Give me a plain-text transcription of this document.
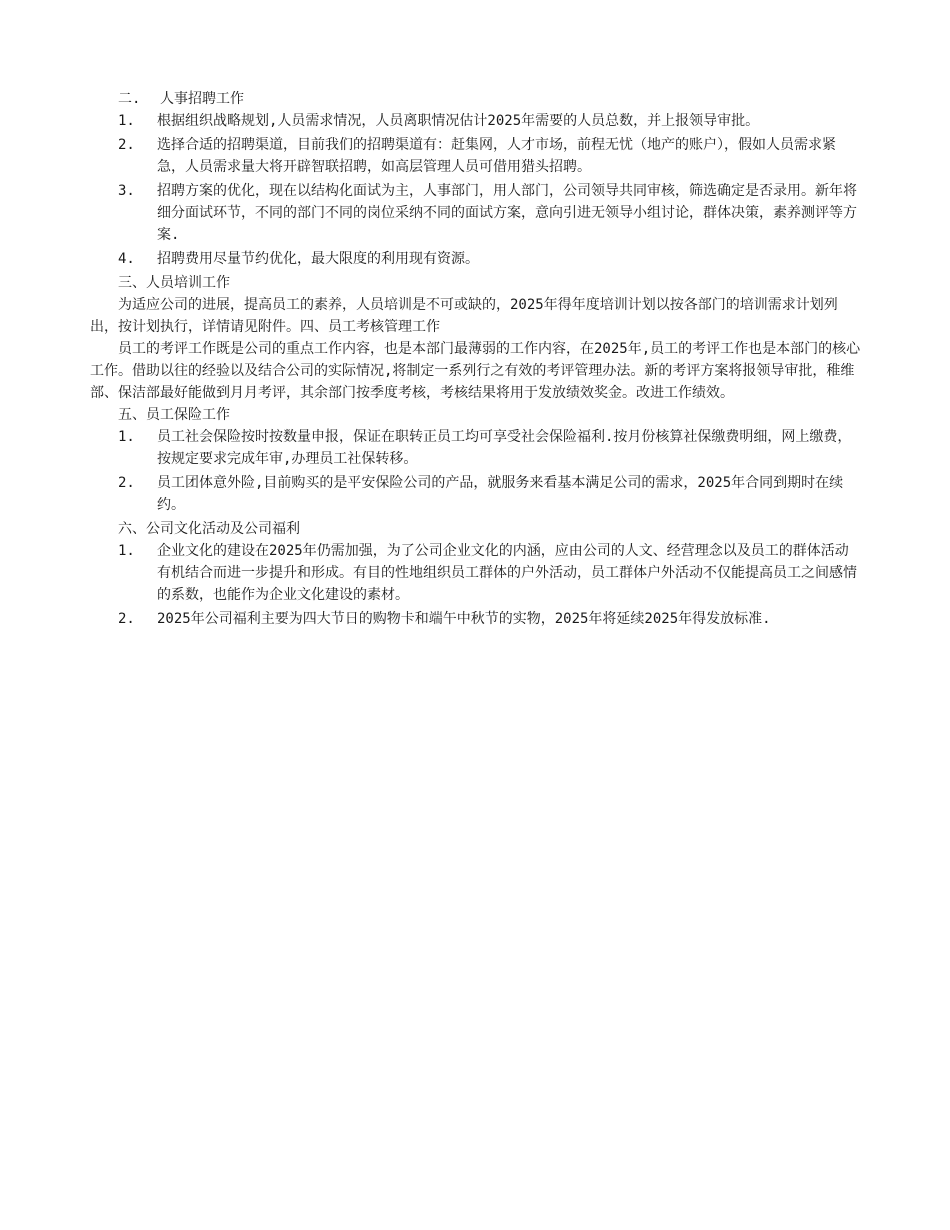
二. 人事招聘工作

1.	根据组织战略规划,人员需求情况，人员离职情况估计2025年需要的人员总数，并上报领导审批。
2.	选择合适的招聘渠道，目前我们的招聘渠道有：赶集网，人才市场，前程无忧（地产的账户），假如人员需求紧急，人员需求量大将开辟智联招聘，如高层管理人员可借用猎头招聘。
3.	招聘方案的优化，现在以结构化面试为主，人事部门，用人部门，公司领导共同审核，筛选确定是否录用。新年将细分面试环节，不同的部门不同的岗位采纳不同的面试方案，意向引进无领导小组讨论，群体决策，素养测评等方案.
4.	招聘费用尽量节约优化，最大限度的利用现有资源。

三、人员培训工作

为适应公司的进展，提高员工的素养，人员培训是不可或缺的，2025年得年度培训计划以按各部门的培训需求计划列出，按计划执行，详情请见附件。四、员工考核管理工作

员工的考评工作既是公司的重点工作内容，也是本部门最薄弱的工作内容，在2025年,员工的考评工作也是本部门的核心工作。借助以往的经验以及结合公司的实际情况,将制定一系列行之有效的考评管理办法。新的考评方案将报领导审批，稚维部、保洁部最好能做到月月考评，其余部门按季度考核，考核结果将用于发放绩效奖金。改进工作绩效。

五、员工保险工作

1.	员工社会保险按时按数量申报，保证在职转正员工均可享受社会保险福利.按月份核算社保缴费明细，网上缴费，按规定要求完成年审,办理员工社保转移。
2.	员工团体意外险,目前购买的是平安保险公司的产品，就服务来看基本满足公司的需求，2025年合同到期时在续约。

六、公司文化活动及公司福利

1.	企业文化的建设在2025年仍需加强，为了公司企业文化的内涵，应由公司的人文、经营理念以及员工的群体活动有机结合而进一步提升和形成。有目的性地组织员工群体的户外活动，员工群体户外活动不仅能提高员工之间感情的系数，也能作为企业文化建设的素材。
2.	2025年公司福利主要为四大节日的购物卡和端午中秋节的实物，2025年将延续2025年得发放标准.
